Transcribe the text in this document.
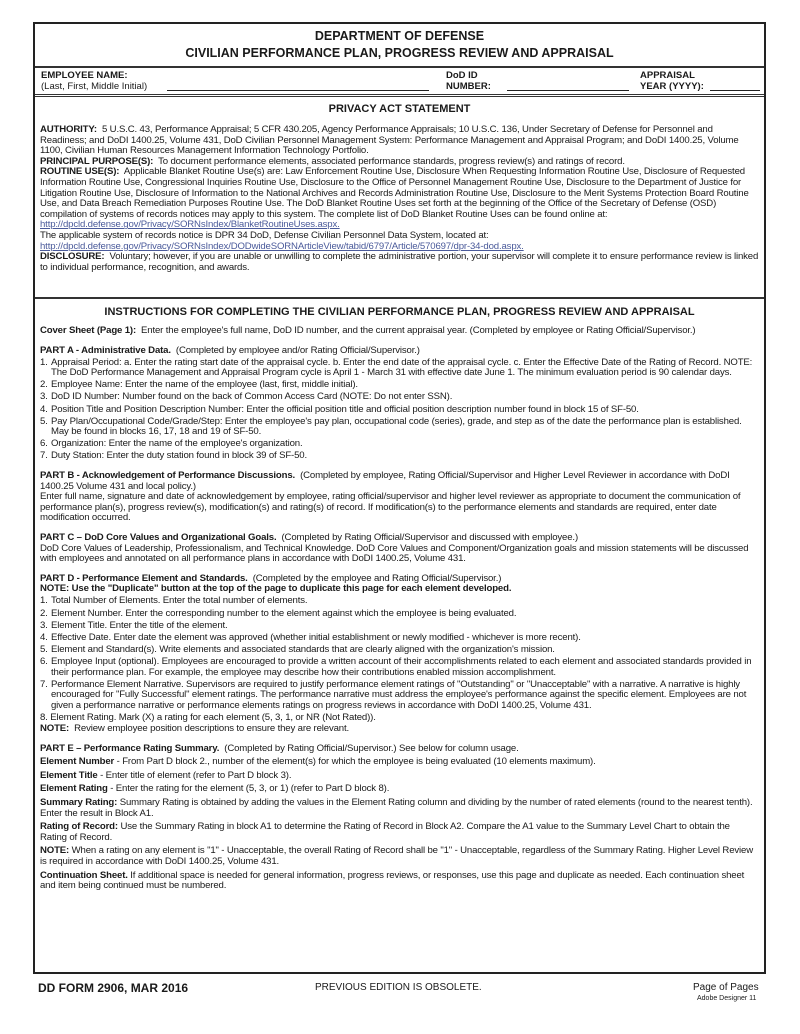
DEPARTMENT OF DEFENSE
CIVILIAN PERFORMANCE PLAN, PROGRESS REVIEW AND APPRAISAL
EMPLOYEE NAME:
(Last, First, Middle Initial)
DoD ID
NUMBER:
APPRAISAL
YEAR (YYYY):
PRIVACY ACT STATEMENT
AUTHORITY: 5 U.S.C. 43, Performance Appraisal; 5 CFR 430.205, Agency Performance Appraisals; 10 U.S.C. 136, Under Secretary of Defense for Personnel and Readiness; and DoDI 1400.25, Volume 431, DoD Civilian Personnel Management System: Performance Management and Appraisal Program; and DoDI 1400.25, Volume 1100, Civilian Human Resources Management Information Technology Portfolio.
PRINCIPAL PURPOSE(S): To document performance elements, associated performance standards, progress review(s) and ratings of record.
ROUTINE USE(S): Applicable Blanket Routine Use(s) are: Law Enforcement Routine Use, Disclosure When Requesting Information Routine Use, Disclosure of Requested Information Routine Use, Congressional Inquiries Routine Use, Disclosure to the Office of Personnel Management Routine Use, Disclosure to the Department of Justice for Litigation Routine Use, Disclosure of Information to the National Archives and Records Administration Routine Use, Disclosure to the Merit Systems Protection Board Routine Use, and Data Breach Remediation Purposes Routine Use. The DoD Blanket Routine Uses set forth at the beginning of the Office of the Secretary of Defense (OSD) compilation of systems of records notices may apply to this system. The complete list of DoD Blanket Routine Uses can be found online at:
http://dpcld.defense.gov/Privacy/SORNsIndex/BlanketRoutineUses.aspx.
The applicable system of records notice is DPR 34 DoD, Defense Civilian Personnel Data System, located at:
http://dpcld.defense.gov/Privacy/SORNsIndex/DODwideSORNArticleView/tabid/6797/Article/570697/dpr-34-dod.aspx.
DISCLOSURE: Voluntary; however, if you are unable or unwilling to complete the administrative portion, your supervisor will complete it to ensure performance review is linked to individual performance, recognition, and awards.
INSTRUCTIONS FOR COMPLETING THE CIVILIAN PERFORMANCE PLAN, PROGRESS REVIEW AND APPRAISAL
Cover Sheet (Page 1): Enter the employee's full name, DoD ID number, and the current appraisal year. (Completed by employee or Rating Official/Supervisor.)
PART A - Administrative Data. (Completed by employee and/or Rating Official/Supervisor.)
1. Appraisal Period: a. Enter the rating start date of the appraisal cycle. b. Enter the end date of the appraisal cycle. c. Enter the Effective Date of the Rating of Record. NOTE: The DoD Performance Management and Appraisal Program cycle is April 1 - March 31 with effective date June 1. The minimum evaluation period is 90 calendar days.
2. Employee Name: Enter the name of the employee (last, first, middle initial).
3. DoD ID Number: Number found on the back of Common Access Card (NOTE: Do not enter SSN).
4. Position Title and Position Description Number: Enter the official position title and official position description number found in block 15 of SF-50.
5. Pay Plan/Occupational Code/Grade/Step: Enter the employee's pay plan, occupational code (series), grade, and step as of the date the performance plan is established. May be found in blocks 16, 17, 18 and 19 of SF-50.
6. Organization: Enter the name of the employee's organization.
7. Duty Station: Enter the duty station found in block 39 of SF-50.
PART B - Acknowledgement of Performance Discussions. (Completed by employee, Rating Official/Supervisor and Higher Level Reviewer in accordance with DoDI 1400.25 Volume 431 and local policy.)
Enter full name, signature and date of acknowledgement by employee, rating official/supervisor and higher level reviewer as appropriate to document the communication of performance plan(s), progress review(s), modification(s) and rating(s) of record. If modification(s) to the performance elements and standards are required, enter date modification occurred.
PART C – DoD Core Values and Organizational Goals. (Completed by Rating Official/Supervisor and discussed with employee.)
DoD Core Values of Leadership, Professionalism, and Technical Knowledge. DoD Core Values and Component/Organization goals and mission statements will be discussed with employees and annotated on all performance plans in accordance with DoDI 1400.25, Volume 431.
PART D - Performance Element and Standards. (Completed by the employee and Rating Official/Supervisor.)
NOTE: Use the "Duplicate" button at the top of the page to duplicate this page for each element developed.
1. Total Number of Elements. Enter the total number of elements.
2. Element Number. Enter the corresponding number to the element against which the employee is being evaluated.
3. Element Title. Enter the title of the element.
4. Effective Date. Enter date the element was approved (whether initial establishment or newly modified - whichever is more recent).
5. Element and Standard(s). Write elements and associated standards that are clearly aligned with the organization's mission.
6. Employee Input (optional). Employees are encouraged to provide a written account of their accomplishments related to each element and associated standards provided in their performance plan. For example, the employee may describe how their contributions enabled mission accomplishment.
7. Performance Element Narrative. Supervisors are required to justify performance element ratings of "Outstanding" or "Unacceptable" with a narrative. A narrative is highly encouraged for "Fully Successful" element ratings. The performance narrative must address the employee's performance against the specific element. Employees are not given a performance narrative or performance elements ratings on progress reviews in accordance with DoDI 1400.25, Volume 431.
8. Element Rating. Mark (X) a rating for each element (5, 3, 1, or NR (Not Rated)).
NOTE: Review employee position descriptions to ensure they are relevant.
PART E – Performance Rating Summary. (Completed by Rating Official/Supervisor.) See below for column usage.
Element Number - From Part D block 2., number of the element(s) for which the employee is being evaluated (10 elements maximum).
Element Title - Enter title of element (refer to Part D block 3).
Element Rating - Enter the rating for the element (5, 3, or 1) (refer to Part D block 8).
Summary Rating: Summary Rating is obtained by adding the values in the Element Rating column and dividing by the number of rated elements (round to the nearest tenth). Enter the result in Block A1.
Rating of Record: Use the Summary Rating in block A1 to determine the Rating of Record in Block A2. Compare the A1 value to the Summary Level Chart to obtain the Rating of Record.
NOTE: When a rating on any element is "1" - Unacceptable, the overall Rating of Record shall be "1" - Unacceptable, regardless of the Summary Rating. Higher Level Review is required in accordance with DoDI 1400.25, Volume 431.
Continuation Sheet. If additional space is needed for general information, progress reviews, or responses, use this page and duplicate as needed. Each continuation sheet and item being continued must be numbered.
DD FORM 2906, MAR 2016	PREVIOUS EDITION IS OBSOLETE.	Page of Pages
Adobe Designer 11
